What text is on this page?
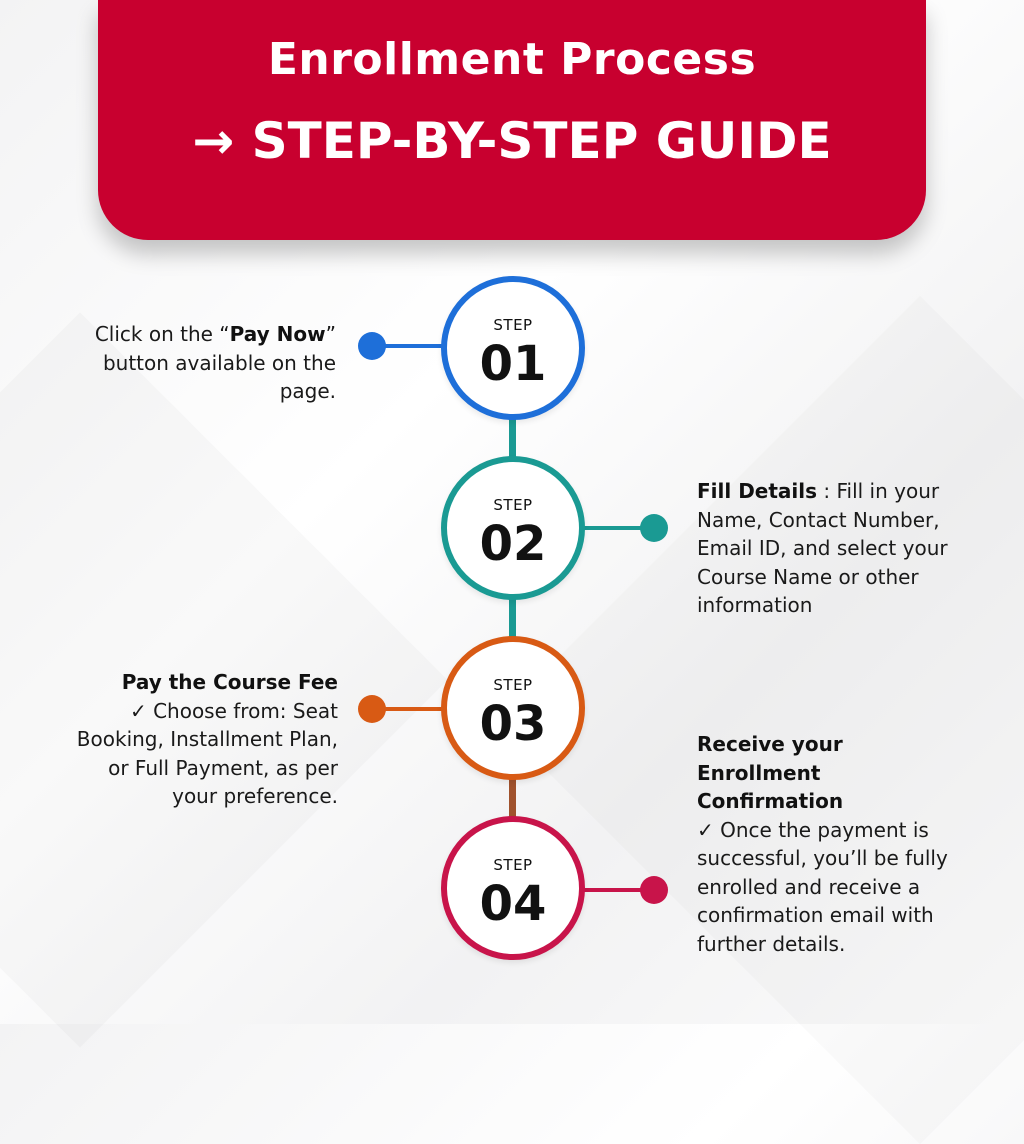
Enrollment Process
→ STEP-BY-STEP GUIDE
STEP
01
Click on the “Pay Now” button available on the page.
STEP
02
Fill Details : Fill in your Name, Contact Number, Email ID, and select your Course Name or other information
STEP
03
Pay the Course Fee
✓ Choose from: Seat Booking, Installment Plan, or Full Payment, as per your preference.
STEP
04
Receive your Enrollment Confirmation
✓ Once the payment is successful, you’ll be fully enrolled and receive a confirmation email with further details.
